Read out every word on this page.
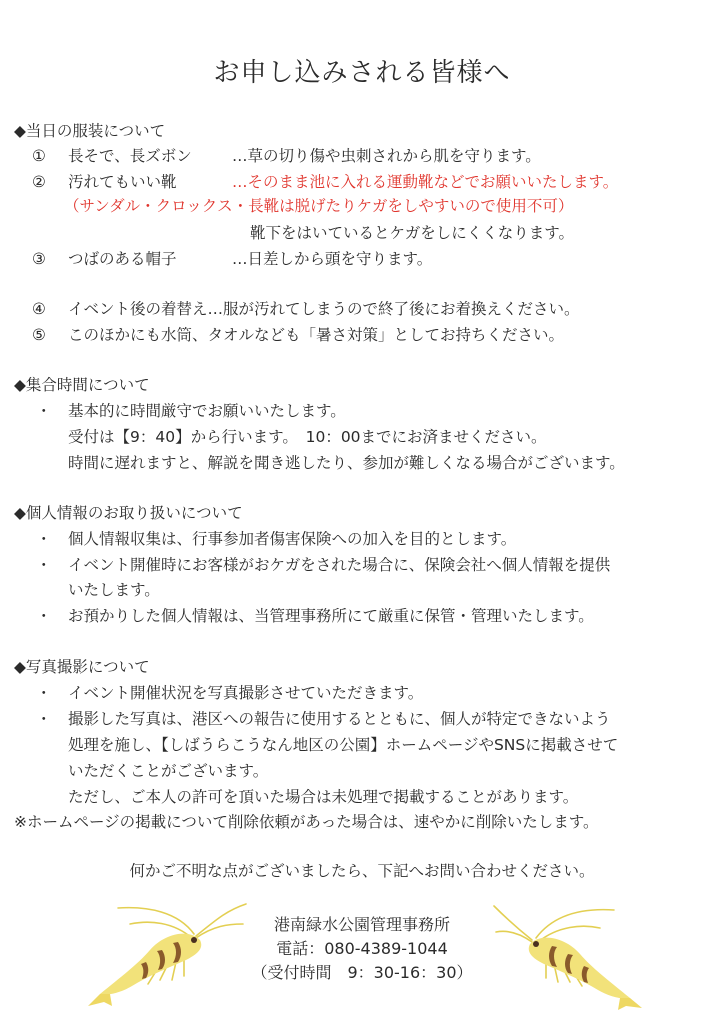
お申し込みされる皆様へ
◆当日の服装について
① 長そで、長ズボン	…草の切り傷や虫刺されから肌を守ります。
② 汚れてもいい靴	…そのまま池に入れる運動靴などでお願いいたします。
（サンダル・クロックス・長靴は脱げたりケガをしやすいので使用不可）
靴下をはいているとケガをしにくくなります。
③ つばのある帽子	…日差しから頭を守ります。
④ イベント後の着替え…服が汚れてしまうので終了後にお着換えください。
⑤ このほかにも水筒、タオルなども「暑さ対策」としてお持ちください。
◆集合時間について
・ 基本的に時間厳守でお願いいたします。
受付は【9：40】から行います。　10：00までにお済ませください。
時間に遅れますと、解説を聞き逃したり、参加が難しくなる場合がございます。
◆個人情報のお取り扱いについて
・ 個人情報収集は、行事参加者傷害保険への加入を目的とします。
・ イベント開催時にお客様がおケガをされた場合に、保険会社へ個人情報を提供
いたします。
・ お預かりした個人情報は、当管理事務所にて厳重に保管・管理いたします。
◆写真撮影について
・ イベント開催状況を写真撮影させていただきます。
・ 撮影した写真は、港区への報告に使用するとともに、個人が特定できないよう
処理を施し、【しばうらこうなん地区の公園】ホームページやSNSに掲載させて
いただくことがございます。
ただし、ご本人の許可を頂いた場合は未処理で掲載することがあります。
※ホームページの掲載について削除依頼があった場合は、速やかに削除いたします。
何かご不明な点がございましたら、下記へお問い合わせください。
港南緑水公園管理事務所
電話：080-4389-1044
（受付時間　9：30-16：30）
